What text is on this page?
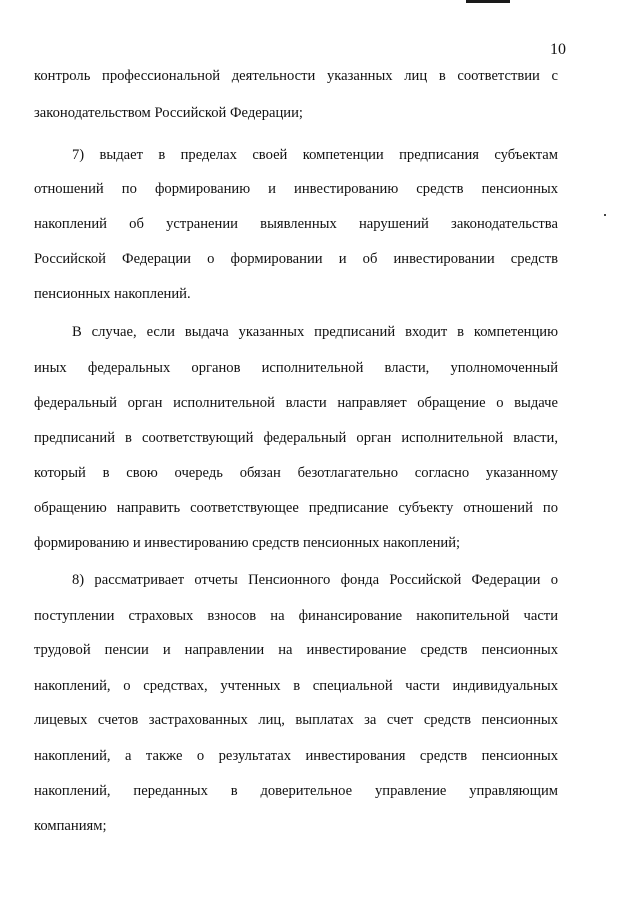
10
контроль профессиональной деятельности указанных лиц в соответствии с
законодательством Российской Федерации;
7) выдает в пределах своей компетенции предписания субъектам
отношений по формированию и инвестированию средств пенсионных
накоплений об устранении выявленных нарушений законодательства
Российской Федерации о формировании и об инвестировании средств
пенсионных накоплений.
В случае, если выдача указанных предписаний входит в компетенцию
иных федеральных органов исполнительной власти, уполномоченный
федеральный орган исполнительной власти направляет обращение о выдаче
предписаний в соответствующий федеральный орган исполнительной власти,
который в свою очередь обязан безотлагательно согласно указанному
обращению направить соответствующее предписание субъекту отношений по
формированию и инвестированию средств пенсионных накоплений;
8) рассматривает отчеты Пенсионного фонда Российской Федерации о
поступлении страховых взносов на финансирование накопительной части
трудовой пенсии и направлении на инвестирование средств пенсионных
накоплений, о средствах, учтенных в специальной части индивидуальных
лицевых счетов застрахованных лиц, выплатах за счет средств пенсионных
накоплений, а также о результатах инвестирования средств пенсионных
накоплений, переданных в доверительное управление управляющим
компаниям;
